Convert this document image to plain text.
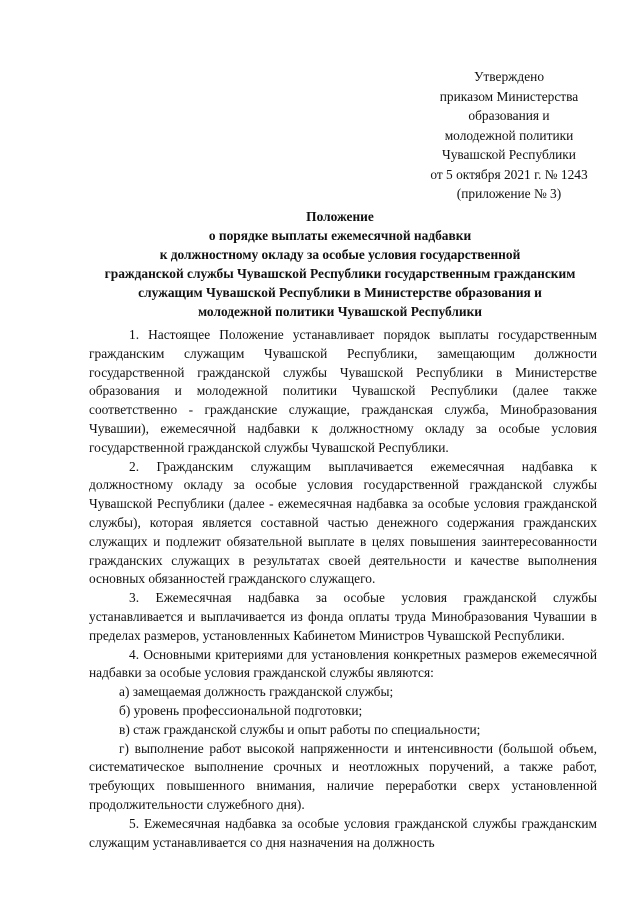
Утверждено
приказом Министерства
образования и
молодежной политики
Чувашской Республики
от 5 октября 2021 г. № 1243
(приложение № 3)
Положение
о порядке выплаты ежемесячной надбавки
к должностному окладу за особые условия государственной
гражданской службы Чувашской Республики государственным гражданским
служащим Чувашской Республики в Министерстве образования и
молодежной политики Чувашской Республики

1. Настоящее Положение устанавливает порядок выплаты государственным гражданским служащим Чувашской Республики, замещающим должности государственной гражданской службы Чувашской Республики в Министерстве образования и молодежной политики Чувашской Республики (далее также соответственно - гражданские служащие, гражданская служба, Минобразования Чувашии), ежемесячной надбавки к должностному окладу за особые условия государственной гражданской службы Чувашской Республики.

2. Гражданским служащим выплачивается ежемесячная надбавка к должностному окладу за особые условия государственной гражданской службы Чувашской Республики (далее - ежемесячная надбавка за особые условия гражданской службы), которая является составной частью денежного содержания гражданских служащих и подлежит обязательной выплате в целях повышения заинтересованности гражданских служащих в результатах своей деятельности и качестве выполнения основных обязанностей гражданского служащего.

3. Ежемесячная надбавка за особые условия гражданской службы устанавливается и выплачивается из фонда оплаты труда Минобразования Чувашии в пределах размеров, установленных Кабинетом Министров Чувашской Республики.

4. Основными критериями для установления конкретных размеров ежемесячной надбавки за особые условия гражданской службы являются:

а) замещаемая должность гражданской службы;

б) уровень профессиональной подготовки;

в) стаж гражданской службы и опыт работы по специальности;

г) выполнение работ высокой напряженности и интенсивности (большой объем, систематическое выполнение срочных и неотложных поручений, а также работ, требующих повышенного внимания, наличие переработки сверх установленной продолжительности служебного дня).

5. Ежемесячная надбавка за особые условия гражданской службы гражданским служащим устанавливается со дня назначения на должность
